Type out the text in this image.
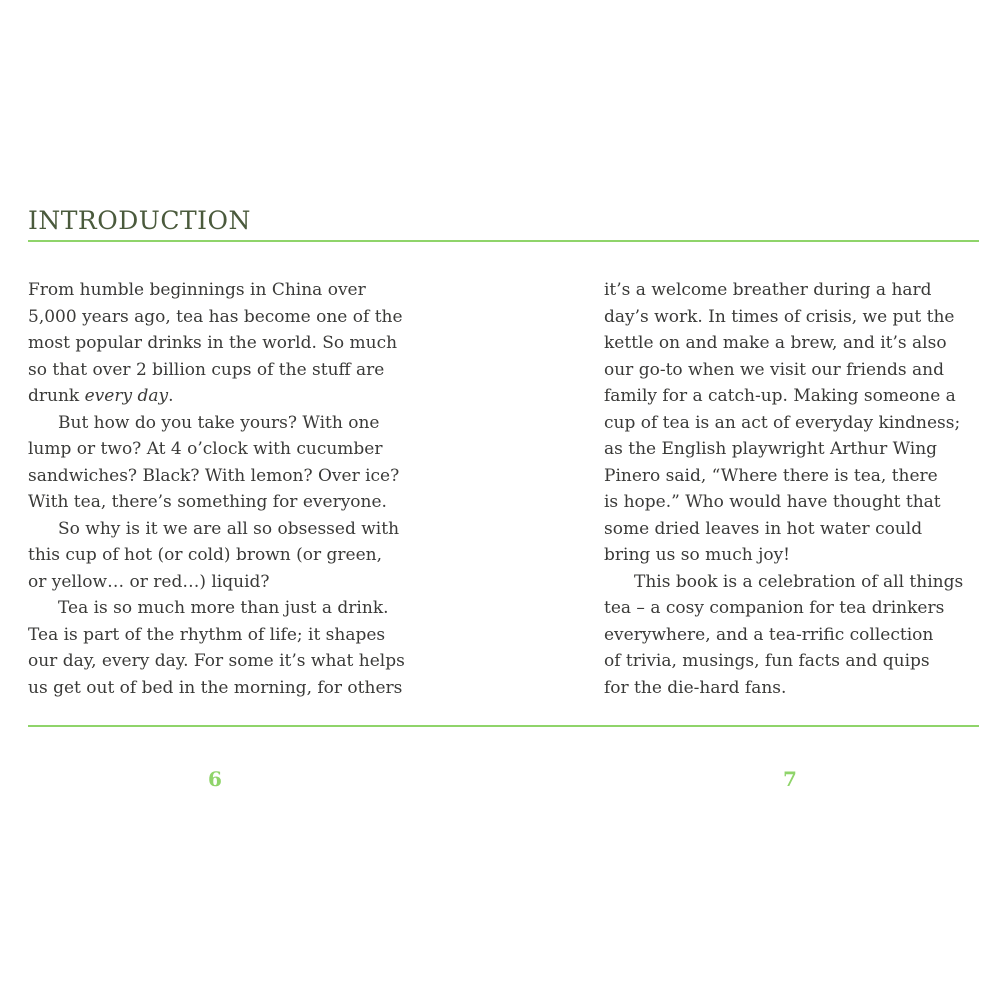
INTRODUCTION
From humble beginnings in China over
5,000 years ago, tea has become one of the
most popular drinks in the world. So much
so that over 2 billion cups of the stuff are
drunk every day.
But how do you take yours? With one
lump or two? At 4 o’clock with cucumber
sandwiches? Black? With lemon? Over ice?
With tea, there’s something for everyone.
So why is it we are all so obsessed with
this cup of hot (or cold) brown (or green,
or yellow… or red…) liquid?
Tea is so much more than just a drink.
Tea is part of the rhythm of life; it shapes
our day, every day. For some it’s what helps
us get out of bed in the morning, for others
it’s a welcome breather during a hard
day’s work. In times of crisis, we put the
kettle on and make a brew, and it’s also
our go-to when we visit our friends and
family for a catch-up. Making someone a
cup of tea is an act of everyday kindness;
as the English playwright Arthur Wing
Pinero said, “Where there is tea, there
is hope.” Who would have thought that
some dried leaves in hot water could
bring us so much joy!
This book is a celebration of all things
tea – a cosy companion for tea drinkers
everywhere, and a tea-rrific collection
of trivia, musings, fun facts and quips
for the die-hard fans.
6	7
